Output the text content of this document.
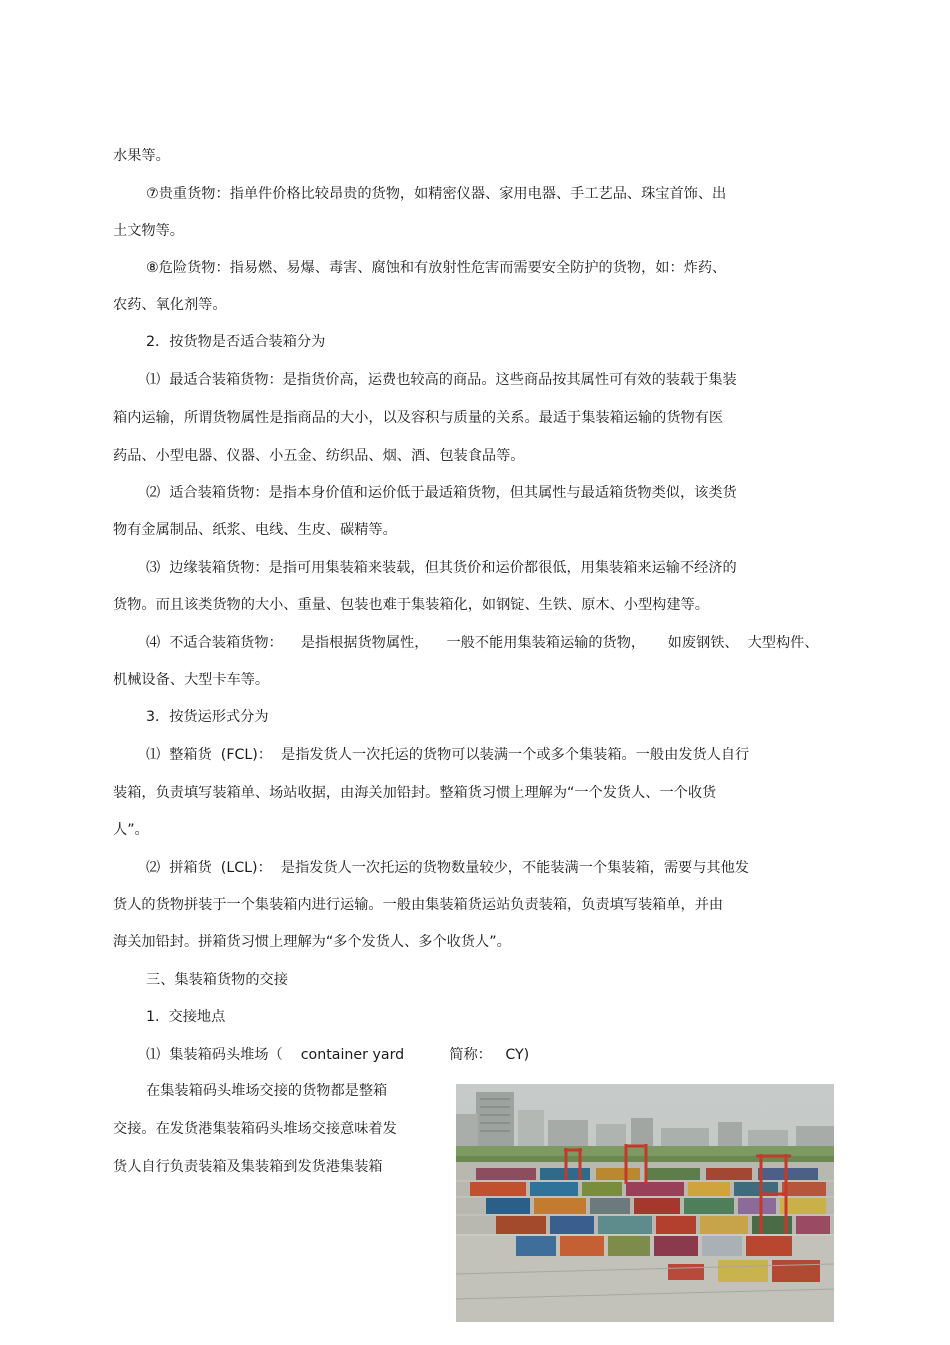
水果等。
⑦贵重货物：指单件价格比较昂贵的货物，如精密仪器、家用电器、手工艺品、珠宝首饰、出
土文物等。
⑧危险货物：指易燃、易爆、毒害、腐蚀和有放射性危害而需要安全防护的货物，如：炸药、
农药、氧化剂等。
2．按货物是否适合装箱分为
⑴  最适合装箱货物：是指货价高，运费也较高的商品。这些商品按其属性可有效的装载于集装
箱内运输，所谓货物属性是指商品的大小，以及容积与质量的关系。最适于集装箱运输的货物有医
药品、小型电器、仪器、小五金、纺织品、烟、酒、包装食品等。
⑵  适合装箱货物：是指本身价值和运价低于最适箱货物，但其属性与最适箱货物类似，该类货
物有金属制品、纸浆、电线、生皮、碳精等。
⑶  边缘装箱货物：是指可用集装箱来装载，但其货价和运价都很低，用集装箱来运输不经济的
货物。而且该类货物的大小、重量、包装也难于集装箱化，如钢锭、生铁、原木、小型构建等。
⑷  不适合装箱货物：    是指根据货物属性，    一般不能用集装箱运输的货物，     如废钢铁、  大型构件、
机械设备、大型卡车等。
3．按货运形式分为
⑴  整箱货  (FCL)：  是指发货人一次托运的货物可以装满一个或多个集装箱。一般由发货人自行
装箱，负责填写装箱单、场站收据，由海关加铅封。整箱货习惯上理解为“一个发货人、一个收货
人”。
⑵  拼箱货  (LCL)：  是指发货人一次托运的货物数量较少，不能装满一个集装箱，需要与其他发
货人的货物拼装于一个集装箱内进行运输。一般由集装箱货运站负责装箱，负责填写装箱单，并由
海关加铅封。拼箱货习惯上理解为“多个发货人、多个收货人”。
三、集装箱货物的交接
1.  交接地点
⑴  集装箱码头堆场（    container yard          简称：   CY)
在集装箱码头堆场交接的货物都是整箱
交接。在发货港集装箱码头堆场交接意味着发
货人自行负责装箱及集装箱到发货港集装箱
